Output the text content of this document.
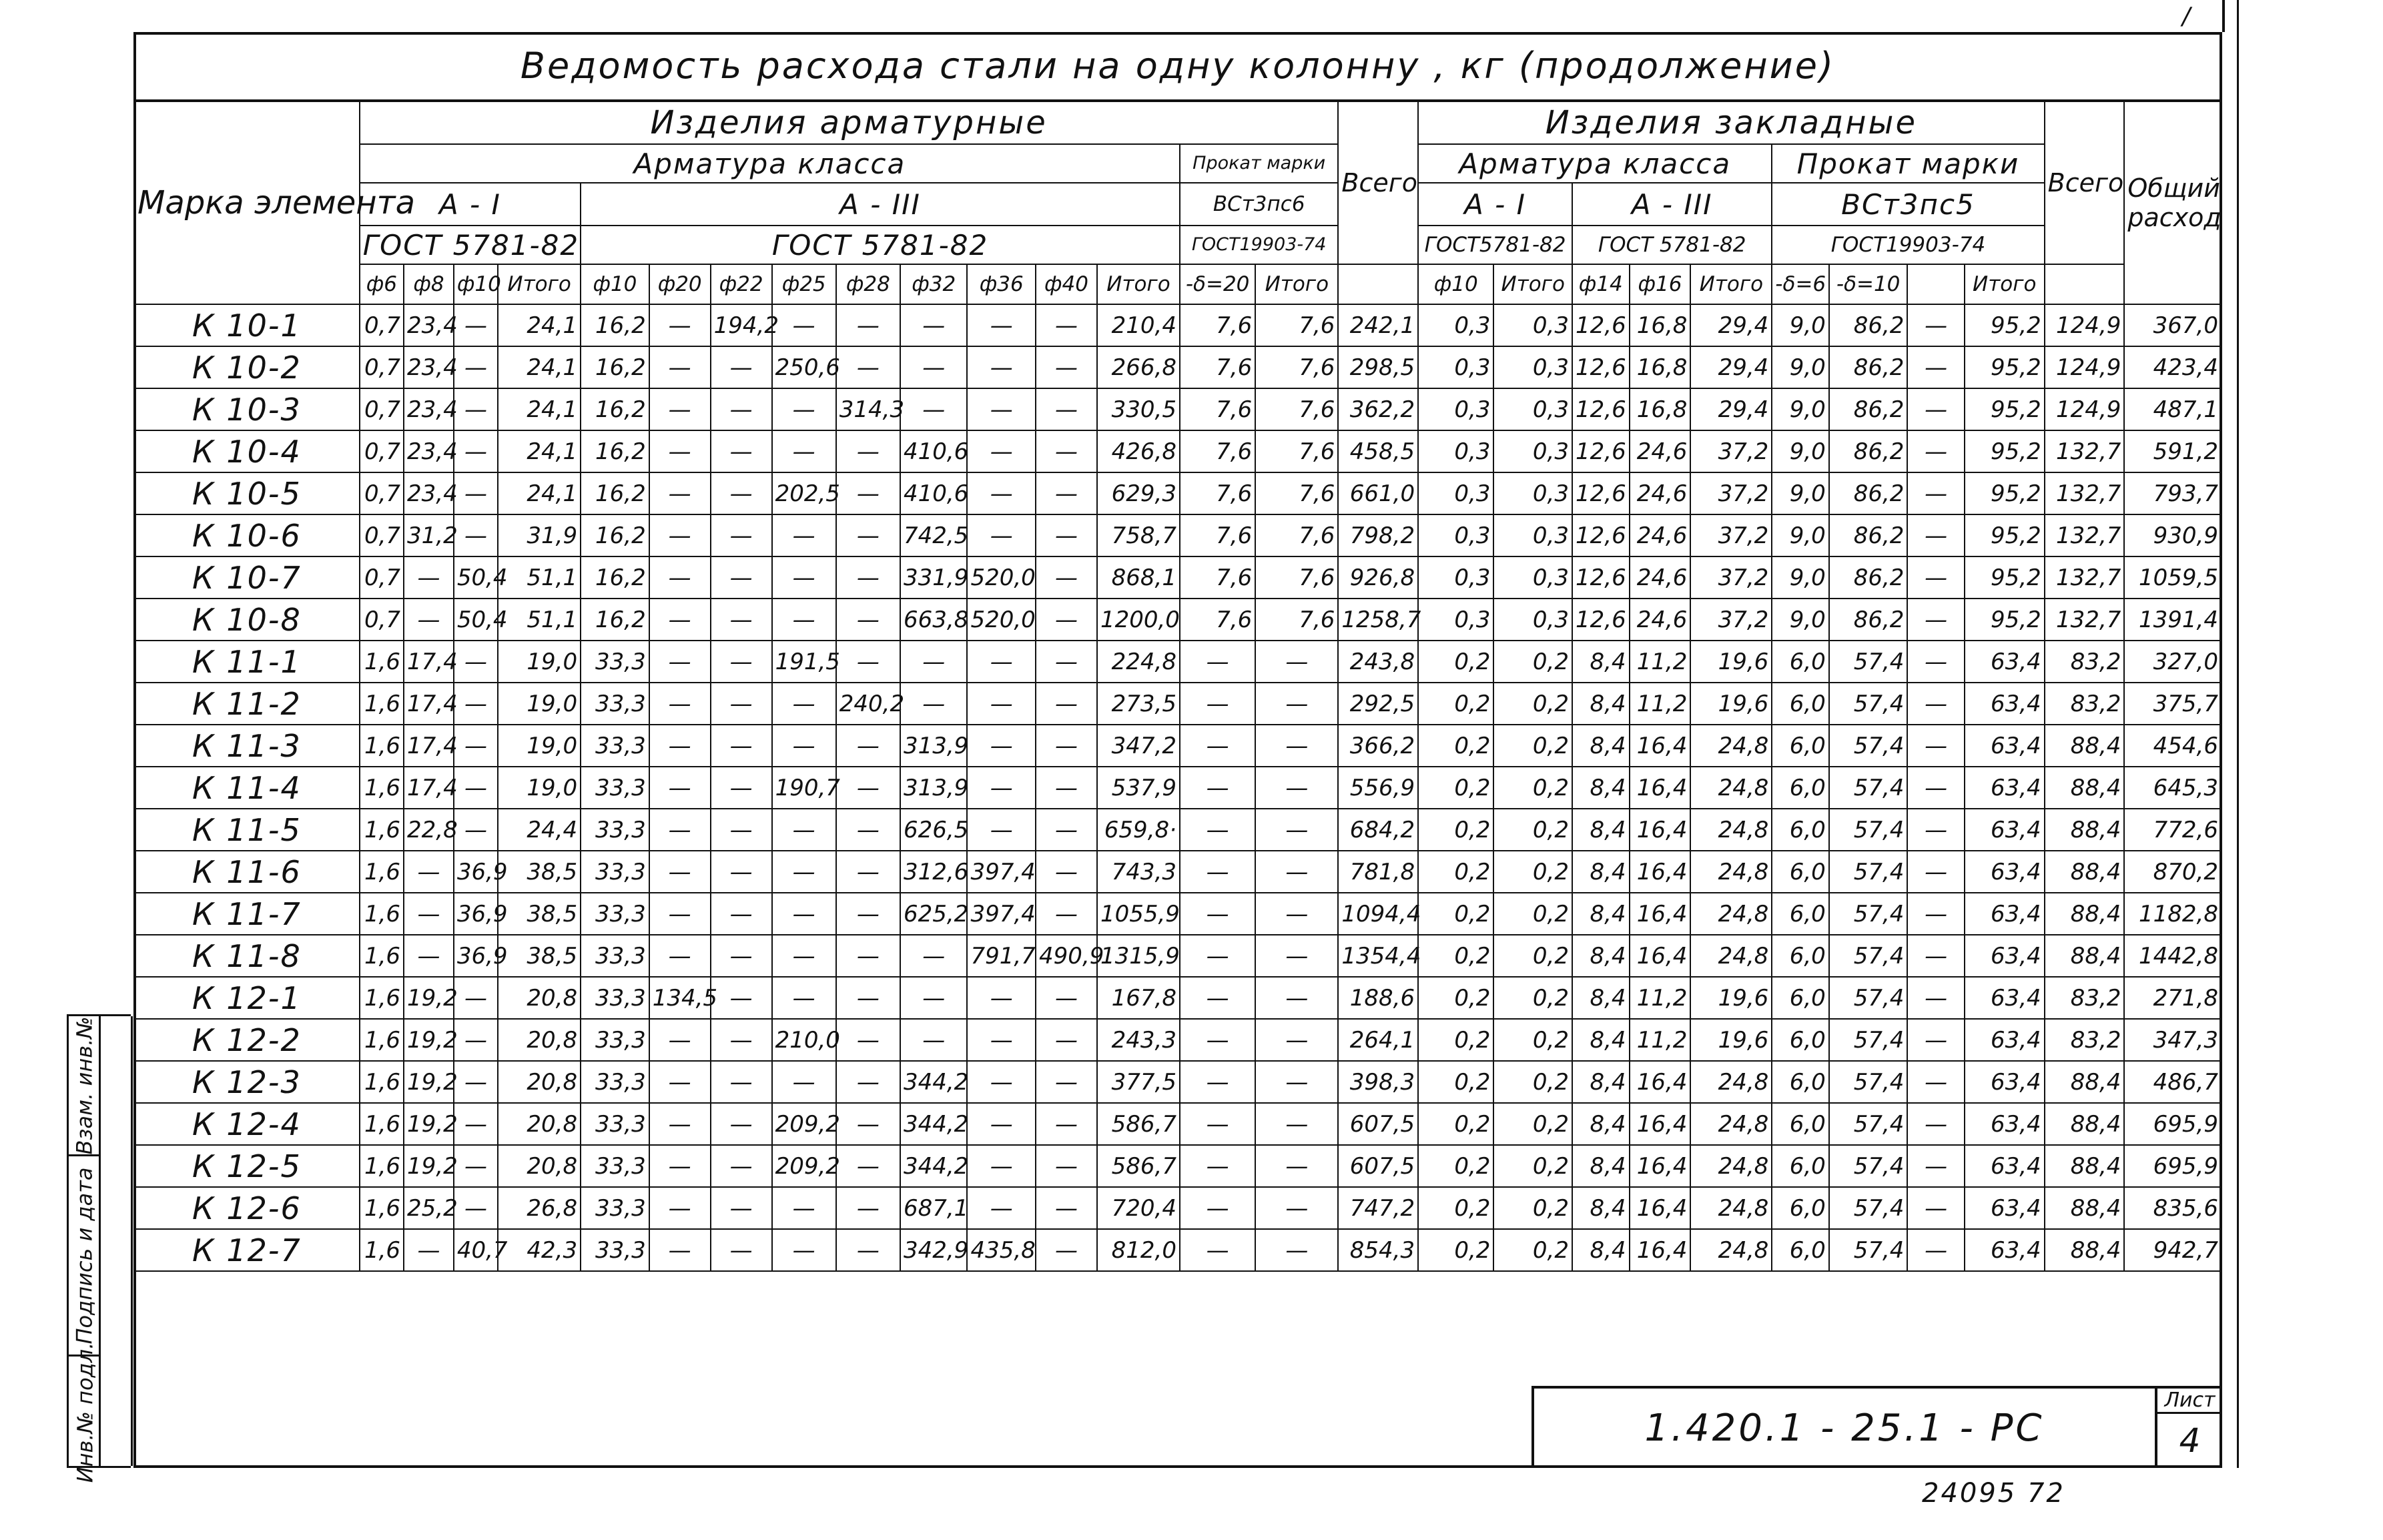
/
Ведомость расхода стали на одну колонну , кг (продолжение)
Марка элемента	Изделия арматурные															Всего	Изделия закладные									Всего	Общий расход
	Арматура класса													Прокат марки			Арматура класса					Прокат марки					
	А - I				А - III									ВСт3пс6			А - I		А - III			ВСт3пс5					
	ГОСТ 5781-82				ГОСТ 5781-82									ГОСТ19903-74			ГОСТ5781-82		ГОСТ 5781-82			ГОСТ19903-74					
	ф6	ф8	ф10	Итого	ф10	ф20	ф22	ф25	ф28	ф32	ф36	ф40	Итого	-δ=20	Итого		ф10	Итого	ф14	ф16	Итого	-δ=6	-δ=10		Итого		
К 10-1	0,7	23,4	—	24,1	16,2	—	194,2	—	—	—	—	—	210,4	7,6	7,6	242,1	0,3	0,3	12,6	16,8	29,4	9,0	86,2	—	95,2	124,9	367,0
К 10-2	0,7	23,4	—	24,1	16,2	—	—	250,6	—	—	—	—	266,8	7,6	7,6	298,5	0,3	0,3	12,6	16,8	29,4	9,0	86,2	—	95,2	124,9	423,4
К 10-3	0,7	23,4	—	24,1	16,2	—	—	—	314,3	—	—	—	330,5	7,6	7,6	362,2	0,3	0,3	12,6	16,8	29,4	9,0	86,2	—	95,2	124,9	487,1
К 10-4	0,7	23,4	—	24,1	16,2	—	—	—	—	410,6	—	—	426,8	7,6	7,6	458,5	0,3	0,3	12,6	24,6	37,2	9,0	86,2	—	95,2	132,7	591,2
К 10-5	0,7	23,4	—	24,1	16,2	—	—	202,5	—	410,6	—	—	629,3	7,6	7,6	661,0	0,3	0,3	12,6	24,6	37,2	9,0	86,2	—	95,2	132,7	793,7
К 10-6	0,7	31,2	—	31,9	16,2	—	—	—	—	742,5	—	—	758,7	7,6	7,6	798,2	0,3	0,3	12,6	24,6	37,2	9,0	86,2	—	95,2	132,7	930,9
К 10-7	0,7	—	50,4	51,1	16,2	—	—	—	—	331,9	520,0	—	868,1	7,6	7,6	926,8	0,3	0,3	12,6	24,6	37,2	9,0	86,2	—	95,2	132,7	1059,5
К 10-8	0,7	—	50,4	51,1	16,2	—	—	—	—	663,8	520,0	—	1200,0	7,6	7,6	1258,7	0,3	0,3	12,6	24,6	37,2	9,0	86,2	—	95,2	132,7	1391,4
К 11-1	1,6	17,4	—	19,0	33,3	—	—	191,5	—	—	—	—	224,8	—	—	243,8	0,2	0,2	8,4	11,2	19,6	6,0	57,4	—	63,4	83,2	327,0
К 11-2	1,6	17,4	—	19,0	33,3	—	—	—	240,2	—	—	—	273,5	—	—	292,5	0,2	0,2	8,4	11,2	19,6	6,0	57,4	—	63,4	83,2	375,7
К 11-3	1,6	17,4	—	19,0	33,3	—	—	—	—	313,9	—	—	347,2	—	—	366,2	0,2	0,2	8,4	16,4	24,8	6,0	57,4	—	63,4	88,4	454,6
К 11-4	1,6	17,4	—	19,0	33,3	—	—	190,7	—	313,9	—	—	537,9	—	—	556,9	0,2	0,2	8,4	16,4	24,8	6,0	57,4	—	63,4	88,4	645,3
К 11-5	1,6	22,8	—	24,4	33,3	—	—	—	—	626,5	—	—	659,8·	—	—	684,2	0,2	0,2	8,4	16,4	24,8	6,0	57,4	—	63,4	88,4	772,6
К 11-6	1,6	—	36,9	38,5	33,3	—	—	—	—	312,6	397,4	—	743,3	—	—	781,8	0,2	0,2	8,4	16,4	24,8	6,0	57,4	—	63,4	88,4	870,2
К 11-7	1,6	—	36,9	38,5	33,3	—	—	—	—	625,2	397,4	—	1055,9	—	—	1094,4	0,2	0,2	8,4	16,4	24,8	6,0	57,4	—	63,4	88,4	1182,8
К 11-8	1,6	—	36,9	38,5	33,3	—	—	—	—	—	791,7	490,9	1315,9	—	—	1354,4	0,2	0,2	8,4	16,4	24,8	6,0	57,4	—	63,4	88,4	1442,8
К 12-1	1,6	19,2	—	20,8	33,3	134,5	—	—	—	—	—	—	167,8	—	—	188,6	0,2	0,2	8,4	11,2	19,6	6,0	57,4	—	63,4	83,2	271,8
К 12-2	1,6	19,2	—	20,8	33,3	—	—	210,0	—	—	—	—	243,3	—	—	264,1	0,2	0,2	8,4	11,2	19,6	6,0	57,4	—	63,4	83,2	347,3
К 12-3	1,6	19,2	—	20,8	33,3	—	—	—	—	344,2	—	—	377,5	—	—	398,3	0,2	0,2	8,4	16,4	24,8	6,0	57,4	—	63,4	88,4	486,7
К 12-4	1,6	19,2	—	20,8	33,3	—	—	209,2	—	344,2	—	—	586,7	—	—	607,5	0,2	0,2	8,4	16,4	24,8	6,0	57,4	—	63,4	88,4	695,9
К 12-5	1,6	19,2	—	20,8	33,3	—	—	209,2	—	344,2	—	—	586,7	—	—	607,5	0,2	0,2	8,4	16,4	24,8	6,0	57,4	—	63,4	88,4	695,9
К 12-6	1,6	25,2	—	26,8	33,3	—	—	—	—	687,1	—	—	720,4	—	—	747,2	0,2	0,2	8,4	16,4	24,8	6,0	57,4	—	63,4	88,4	835,6
К 12-7	1,6	—	40,7	42,3	33,3	—	—	—	—	342,9	435,8	—	812,0	—	—	854,3	0,2	0,2	8,4	16,4	24,8	6,0	57,4	—	63,4	88,4	942,7
Взам. инв.№
Подпись и дата
Инв.№ подл.	1.420.1 - 25.1 - РС
Лист
4
24095 72
